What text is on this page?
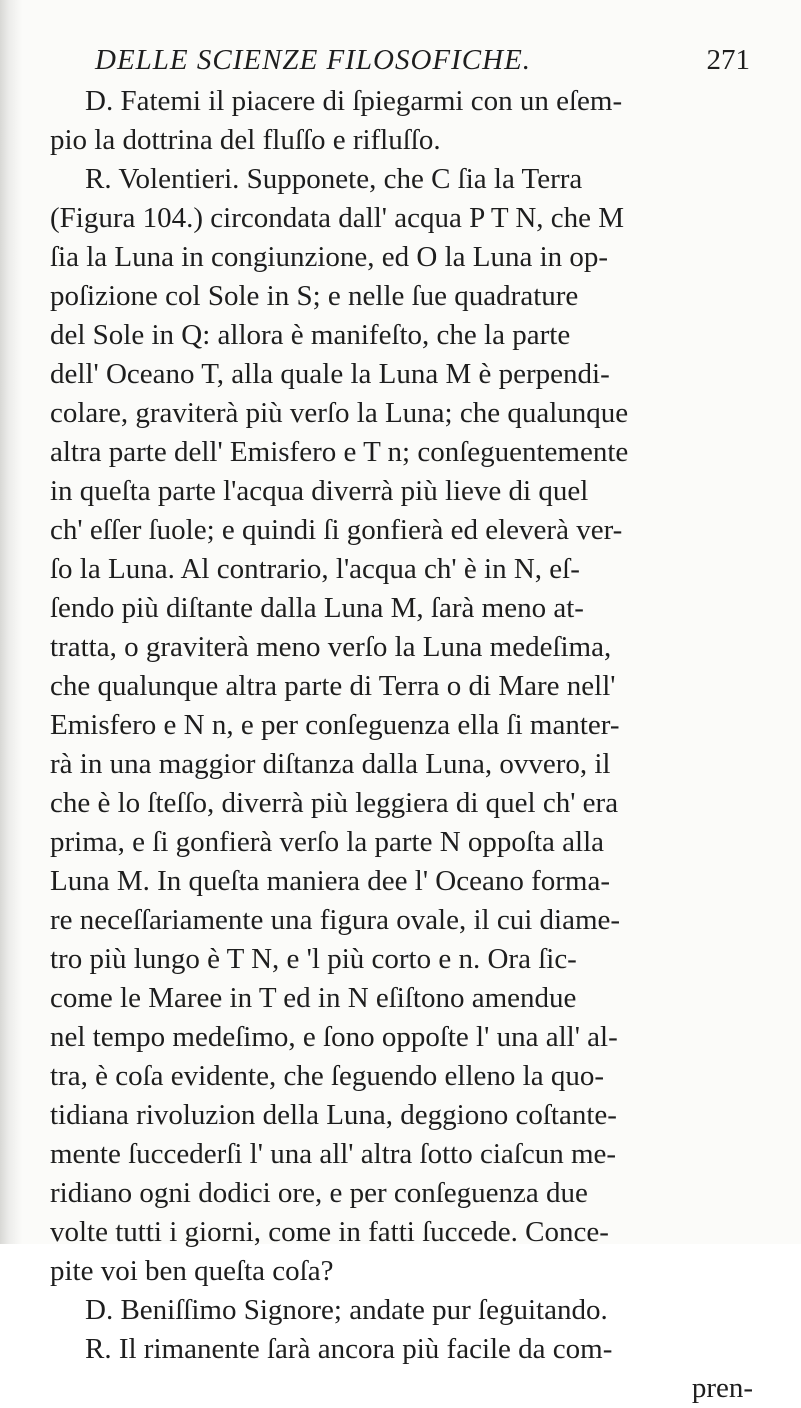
DELLE SCIENZE FILOSOFICHE.	271
D. Fatemi il piacere di ſpiegarmi con un eſem-
pio la dottrina del fluſſo e rifluſſo.
R. Volentieri. Supponete, che C ſia la Terra
(Figura 104.) circondata dall' acqua P T N, che M
ſia la Luna in congiunzione, ed O la Luna in op-
poſizione col Sole in S; e nelle ſue quadrature
del Sole in Q: allora è manifeſto, che la parte
dell' Oceano T, alla quale la Luna M è perpendi-
colare, graviterà più verſo la Luna; che qualunque
altra parte dell' Emisfero e T n; conſeguentemente
in queſta parte l'acqua diverrà più lieve di quel
ch' eſſer ſuole; e quindi ſi gonfierà ed eleverà ver-
ſo la Luna. Al contrario, l'acqua ch' è in N, eſ-
ſendo più diſtante dalla Luna M, ſarà meno at-
tratta, o graviterà meno verſo la Luna medeſima,
che qualunque altra parte di Terra o di Mare nell'
Emisfero e N n, e per conſeguenza ella ſi manter-
rà in una maggior diſtanza dalla Luna, ovvero, il
che è lo ſteſſo, diverrà più leggiera di quel ch' era
prima, e ſi gonfierà verſo la parte N oppoſta alla
Luna M. In queſta maniera dee l' Oceano forma-
re neceſſariamente una figura ovale, il cui diame-
tro più lungo è T N, e 'l più corto e n. Ora ſic-
come le Maree in T ed in N eſiſtono amendue
nel tempo medeſimo, e ſono oppoſte l' una all' al-
tra, è coſa evidente, che ſeguendo elleno la quo-
tidiana rivoluzion della Luna, deggiono coſtante-
mente ſuccederſi l' una all' altra ſotto ciaſcun me-
ridiano ogni dodici ore, e per conſeguenza due
volte tutti i giorni, come in fatti ſuccede. Conce-
pite voi ben queſta coſa?
D. Beniſſimo Signore; andate pur ſeguitando.
R. Il rimanente ſarà ancora più facile da com-
pren-
